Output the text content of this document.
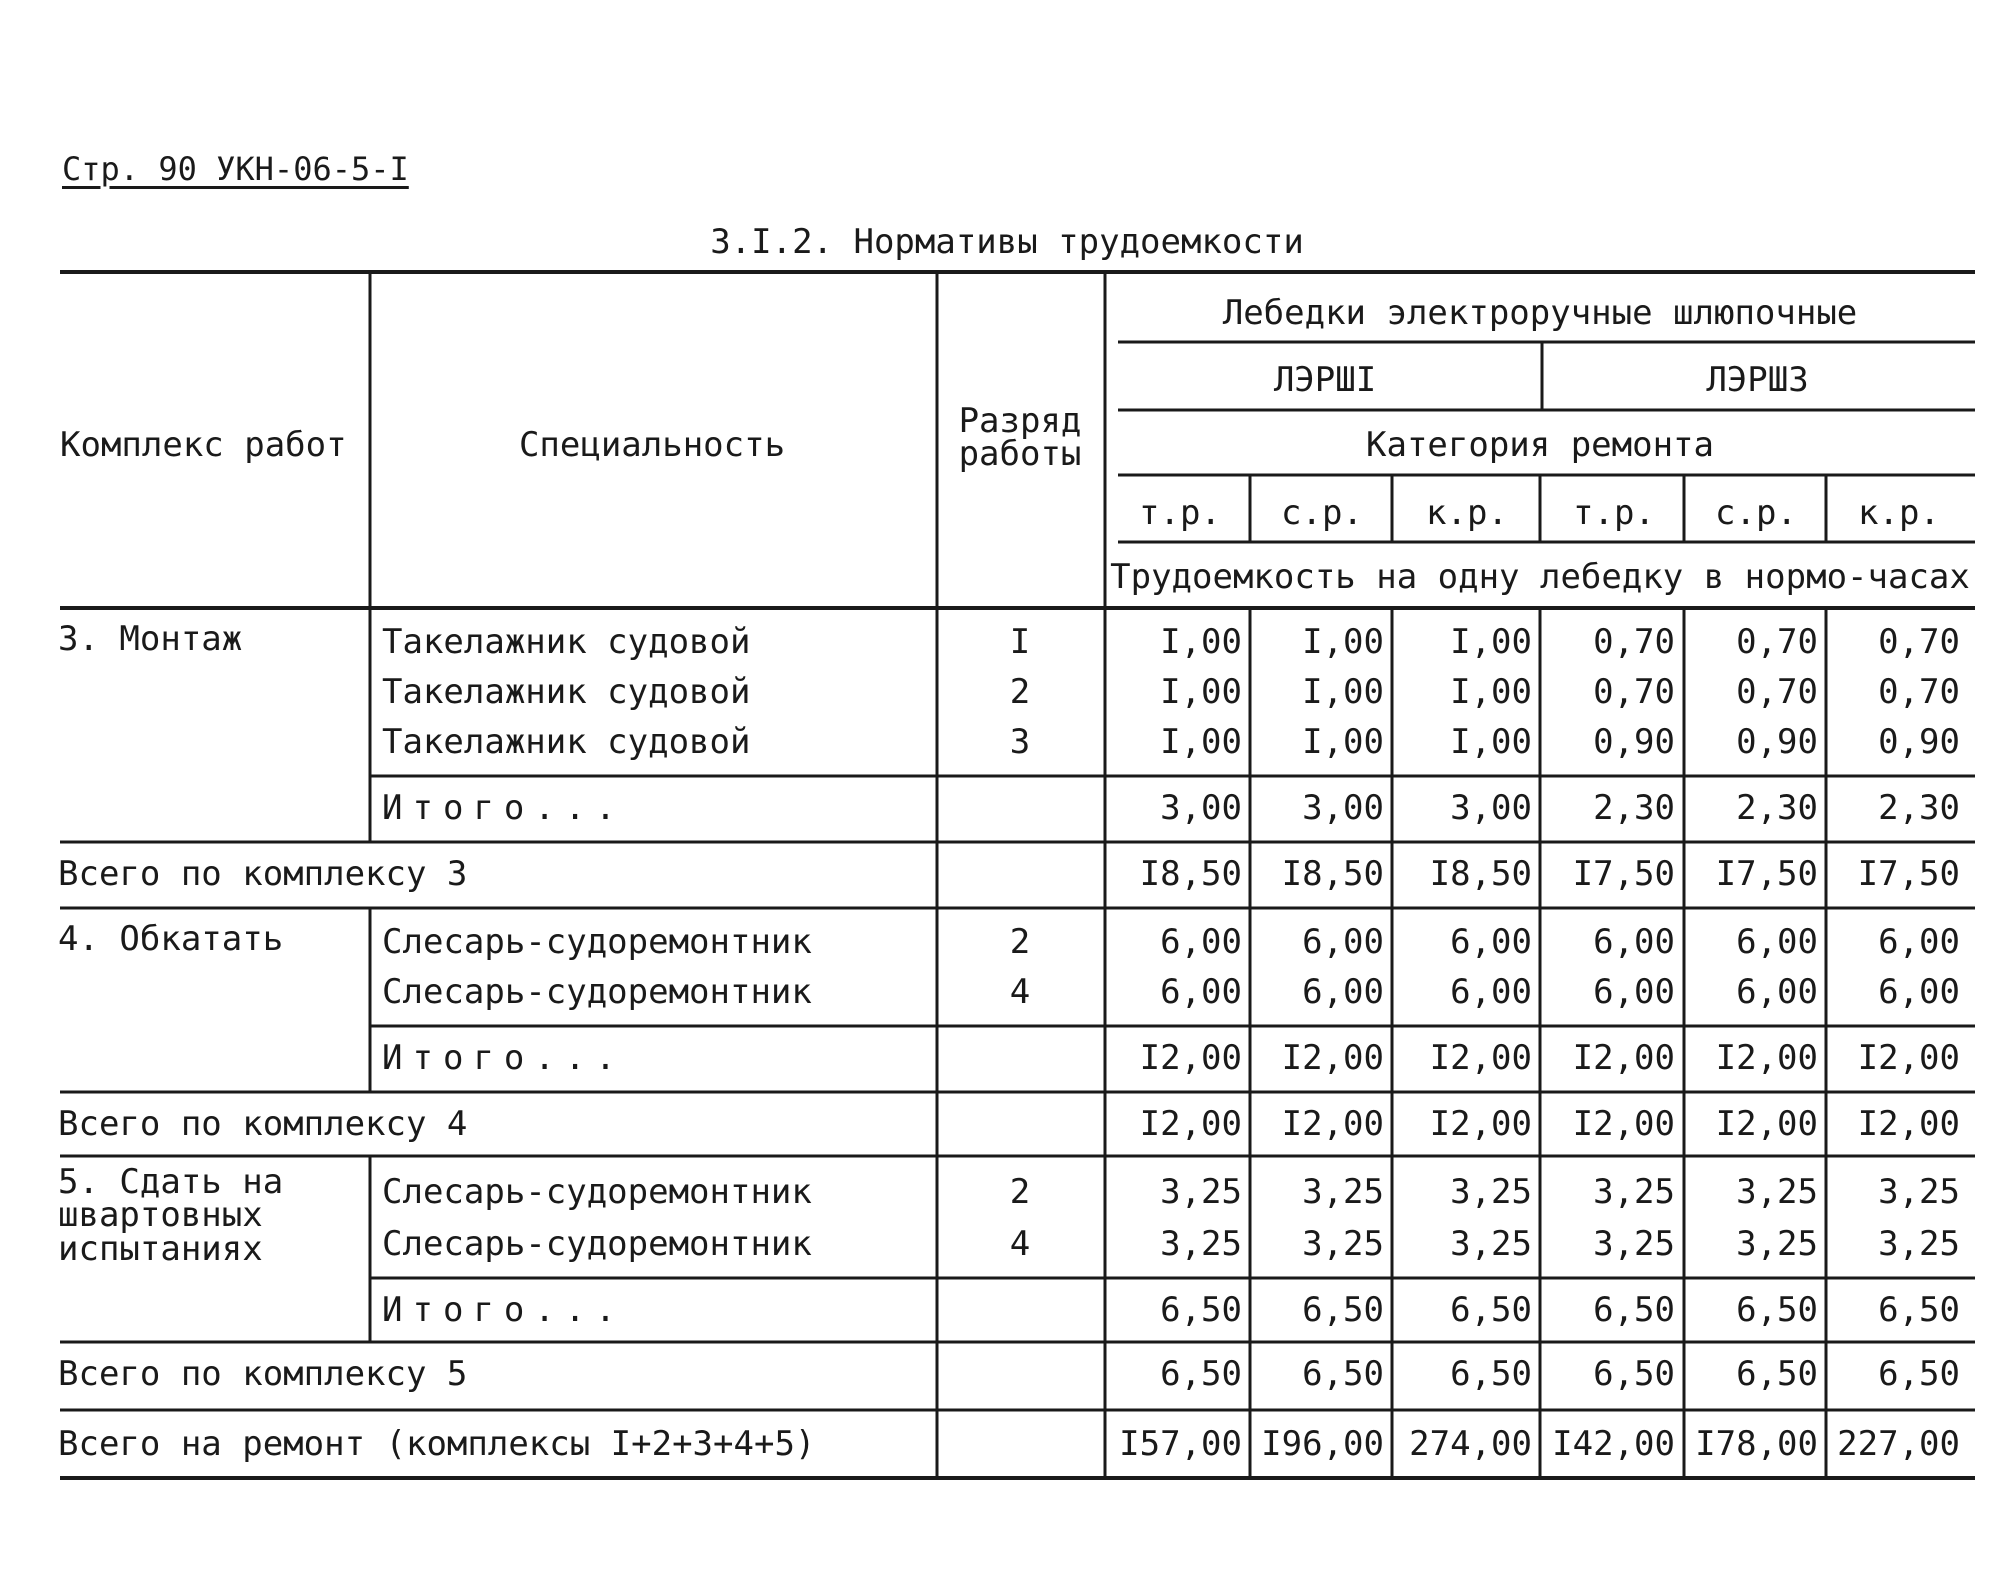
Стр. 90 УКН-06-5-I
3.I.2. Нормативы трудоемкости
Комплекс работ	Специальность
Разряд работы
Лебедки электроручные шлюпочные
ЛЭРШI	ЛЭРШ3
Категория ремонта
т.р.	с.р.	к.р.	т.р.	с.р.	к.р.
Трудоемкость на одну лебедку в нормо-часах
3. Монтаж	Такелажник судовой	I	I,00	I,00	I,00	0,70	0,70	0,70
Такелажник судовой	2	I,00	I,00	I,00	0,70	0,70	0,70
Такелажник судовой	3	I,00	I,00	I,00	0,90	0,90	0,90
Итого...	3,00	3,00	3,00	2,30	2,30	2,30
Всего по комплексу 3	I8,50	I8,50	I8,50	I7,50	I7,50	I7,50
4. Обкатать	Слесарь-судоремонтник	2	6,00	6,00	6,00	6,00	6,00	6,00
Слесарь-судоремонтник	4	6,00	6,00	6,00	6,00	6,00	6,00
Итого...	I2,00	I2,00	I2,00	I2,00	I2,00	I2,00
Всего по комплексу 4	I2,00	I2,00	I2,00	I2,00	I2,00	I2,00
5. Сдать на швартовных испытаниях
Слесарь-судоремонтник	2	3,25	3,25	3,25	3,25	3,25	3,25
Слесарь-судоремонтник	4	3,25	3,25	3,25	3,25	3,25	3,25
Итого...	6,50	6,50	6,50	6,50	6,50	6,50
Всего по комплексу 5	6,50	6,50	6,50	6,50	6,50	6,50
Всего на ремонт (комплексы I+2+3+4+5)	I57,00 I96,00 274,00 I42,00 I78,00 227,00
